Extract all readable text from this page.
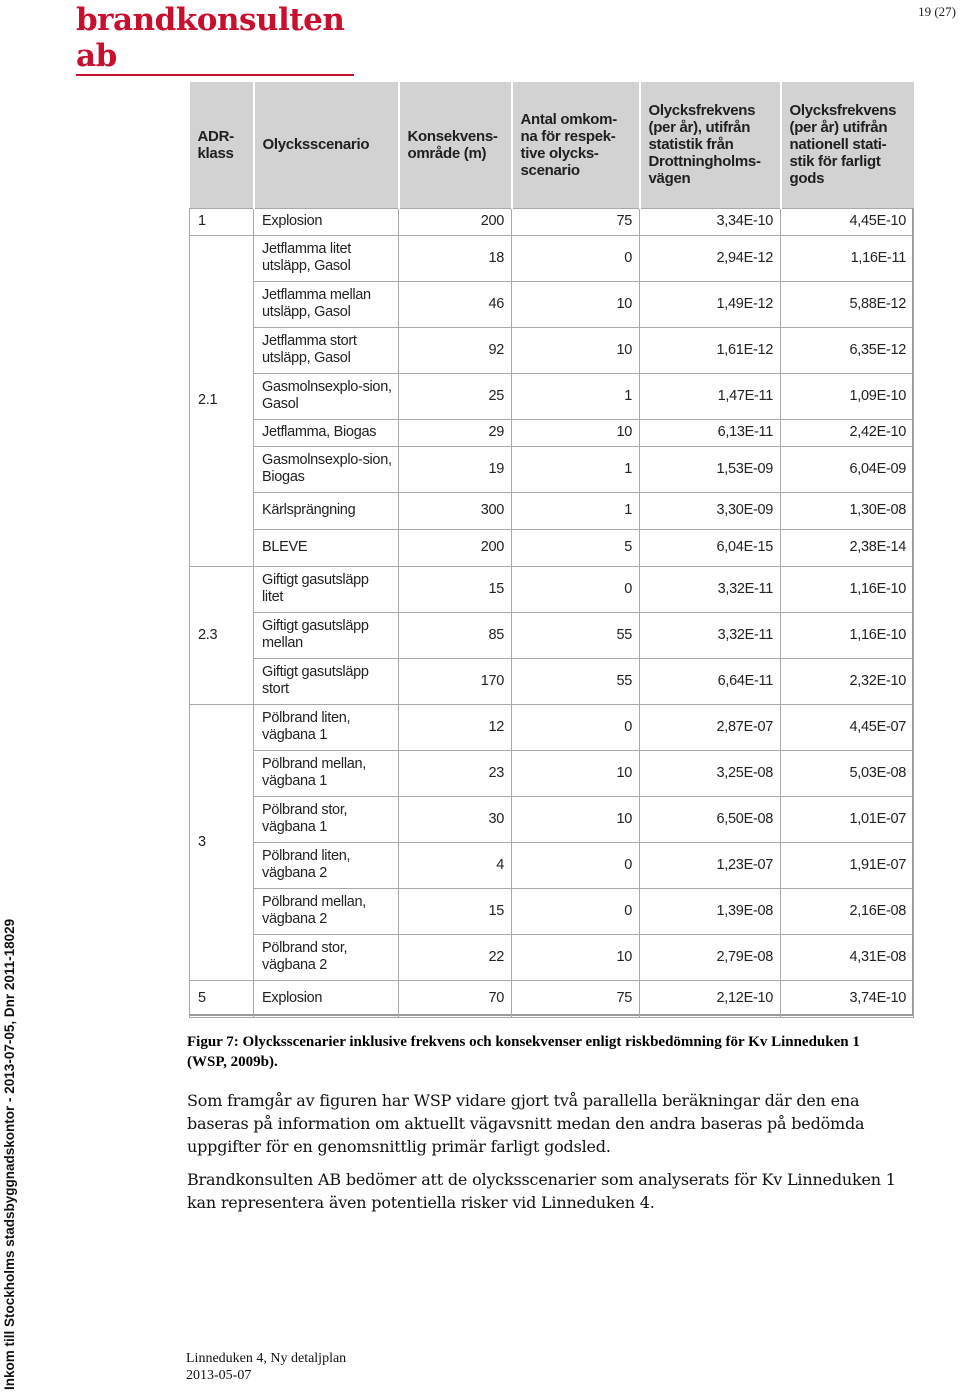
brandkonsulten ab
19 (27)
Inkom till Stockholms stadsbyggnadskontor - 2013-07-05, Dnr 2011-18029
ADR-klass	Olycksscenario	Konsekvens-område (m)	Antal omkom-na för respek-tive olycks-scenario	Olycksfrekvens (per år), utifrån statistik från Drottningholms-vägen	Olycksfrekvens (per år) utifrån nationell stati-stik för farligt gods
1	Explosion	200	75	3,34E-10	4,45E-10
2.1	Jetflamma litet utsläpp, Gasol	18	0	2,94E-12	1,16E-11
	Jetflamma mellan utsläpp, Gasol	46	10	1,49E-12	5,88E-12
	Jetflamma stort utsläpp, Gasol	92	10	1,61E-12	6,35E-12
	Gasmolnsexplo-sion, Gasol	25	1	1,47E-11	1,09E-10
	Jetflamma, Biogas	29	10	6,13E-11	2,42E-10
	Gasmolnsexplo-sion, Biogas	19	1	1,53E-09	6,04E-09
	Kärlsprängning	300	1	3,30E-09	1,30E-08
	BLEVE	200	5	6,04E-15	2,38E-14
2.3	Giftigt gasutsläpp litet	15	0	3,32E-11	1,16E-10
	Giftigt gasutsläpp mellan	85	55	3,32E-11	1,16E-10
	Giftigt gasutsläpp stort	170	55	6,64E-11	2,32E-10
3	Pölbrand liten, vägbana 1	12	0	2,87E-07	4,45E-07
	Pölbrand mellan, vägbana 1	23	10	3,25E-08	5,03E-08
	Pölbrand stor, vägbana 1	30	10	6,50E-08	1,01E-07
	Pölbrand liten, vägbana 2	4	0	1,23E-07	1,91E-07
	Pölbrand mellan, vägbana 2	15	0	1,39E-08	2,16E-08
	Pölbrand stor, vägbana 2	22	10	2,79E-08	4,31E-08
5	Explosion	70	75	2,12E-10	3,74E-10
Figur 7: Olycksscenarier inklusive frekvens och konsekvenser enligt riskbedömning för Kv Linneduken 1 (WSP, 2009b).
Som framgår av figuren har WSP vidare gjort två parallella beräkningar där den ena baseras på information om aktuellt vägavsnitt medan den andra baseras på bedömda uppgifter för en genomsnittlig primär farligt godsled.
Brandkonsulten AB bedömer att de olycksscenarier som analyserats för Kv Linneduken 1 kan representera även potentiella risker vid Linneduken 4.
Linneduken 4, Ny detaljplan
2013-05-07
